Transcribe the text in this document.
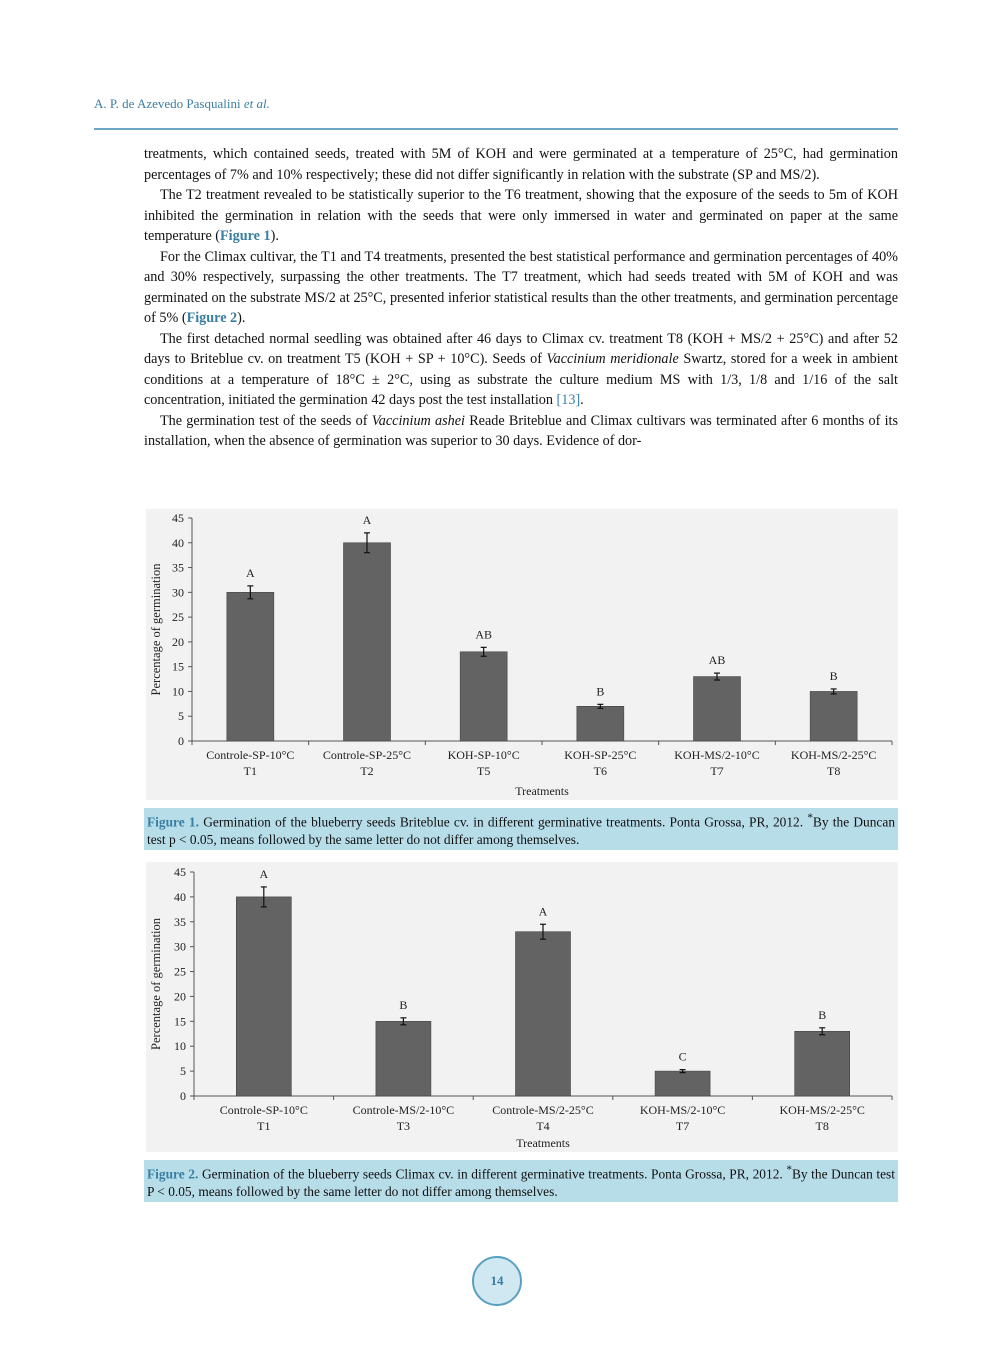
A. P. de Azevedo Pasqualini et al.

treatments, which contained seeds, treated with 5M of KOH and were germinated at a temperature of 25°C, had germination percentages of 7% and 10% respectively; these did not differ significantly in relation with the substrate (SP and MS/2).

The T2 treatment revealed to be statistically superior to the T6 treatment, showing that the exposure of the seeds to 5m of KOH inhibited the germination in relation with the seeds that were only immersed in water and germinated on paper at the same temperature (Figure 1).

For the Climax cultivar, the T1 and T4 treatments, presented the best statistical performance and germination percentages of 40% and 30% respectively, surpassing the other treatments. The T7 treatment, which had seeds treated with 5M of KOH and was germinated on the substrate MS/2 at 25°C, presented inferior statistical results than the other treatments, and germination percentage of 5% (Figure 2).

The first detached normal seedling was obtained after 46 days to Climax cv. treatment T8 (KOH + MS/2 + 25°C) and after 52 days to Briteblue cv. on treatment T5 (KOH + SP + 10°C). Seeds of Vaccinium meridionale Swartz, stored for a week in ambient conditions at a temperature of 18°C ± 2°C, using as substrate the culture medium MS with 1/3, 1/8 and 1/16 of the salt concentration, initiated the germination 42 days post the test installation [13].

The germination test of the seeds of Vaccinium ashei Reade Briteblue and Climax cultivars was terminated after 6 months of its installation, when the absence of germination was superior to 30 days. Evidence of dor-

0
5
10
15
20
25
30
35
40
45
A
Controle-SP-10°C
T1
A
Controle-SP-25°C
T2
AB
KOH-SP-10°C
T5
B
KOH-SP-25°C
T6
AB
KOH-MS/2-10°C
T7
B
KOH-MS/2-25°C
T8
Treatments
Percentage of germination
Figure 1. Germination of the blueberry seeds Briteblue cv. in different germinative treatments. Ponta Grossa, PR, 2012. *By the Duncan test p < 0.05, means followed by the same letter do not differ among themselves.
0
5
10
15
20
25
30
35
40
45	A
Controle-SP-10°C
T1
B
Controle-MS/2-10°C
T3
A
Controle-MS/2-25°C
T4
C
KOH-MS/2-10°C
T7
B
KOH-MS/2-25°C
T8
Treatments
Percentage of germination
Figure 2. Germination of the blueberry seeds Climax cv. in different germinative treatments. Ponta Grossa, PR, 2012. *By the Duncan test P < 0.05, means followed by the same letter do not differ among themselves.
14
